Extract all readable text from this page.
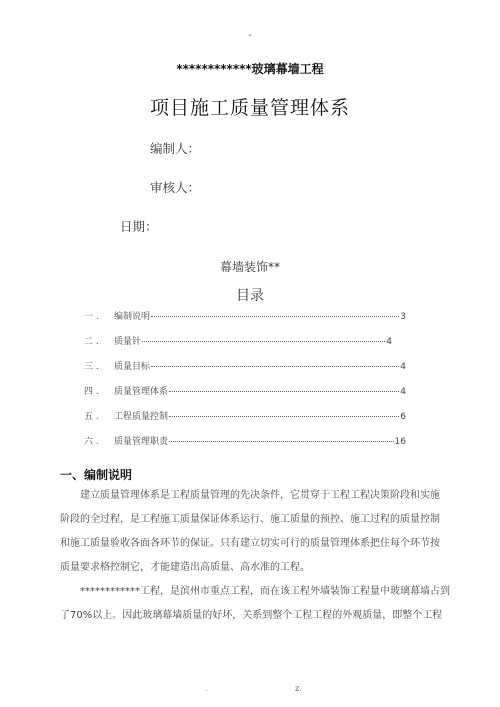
-
************玻璃幕墙工程
项目施工质量管理体系
编制人：
审核人：
日期：
幕墙装饰**
目录
一 .	编制说明	3
二 .	质量针	4
三 .	质量目标	4
四 .	质量管理体系	4
五 .	工程质量控制	6
六 .	质量管理职责	16
一、编制说明
建立质量管理体系是工程质量管理的先决条件，它贯穿于工程工程决策阶段和实施
阶段的全过程，是工程施工质量保证体系运行、施工质量的预控、施工过程的质量控制
和施工质量验收各面各环节的保证。只有建立切实可行的质量管理体系把住每个环节按
质量要求格控制它，才能建造出高质量、高水准的工程。
************工程，是滨州市重点工程，而在该工程外墙装饰工程量中玻璃幕墙占到
了70%以上。因此玻璃幕墙质量的好坏，关系到整个工程工程的外观质量，即整个工程
.	z.
